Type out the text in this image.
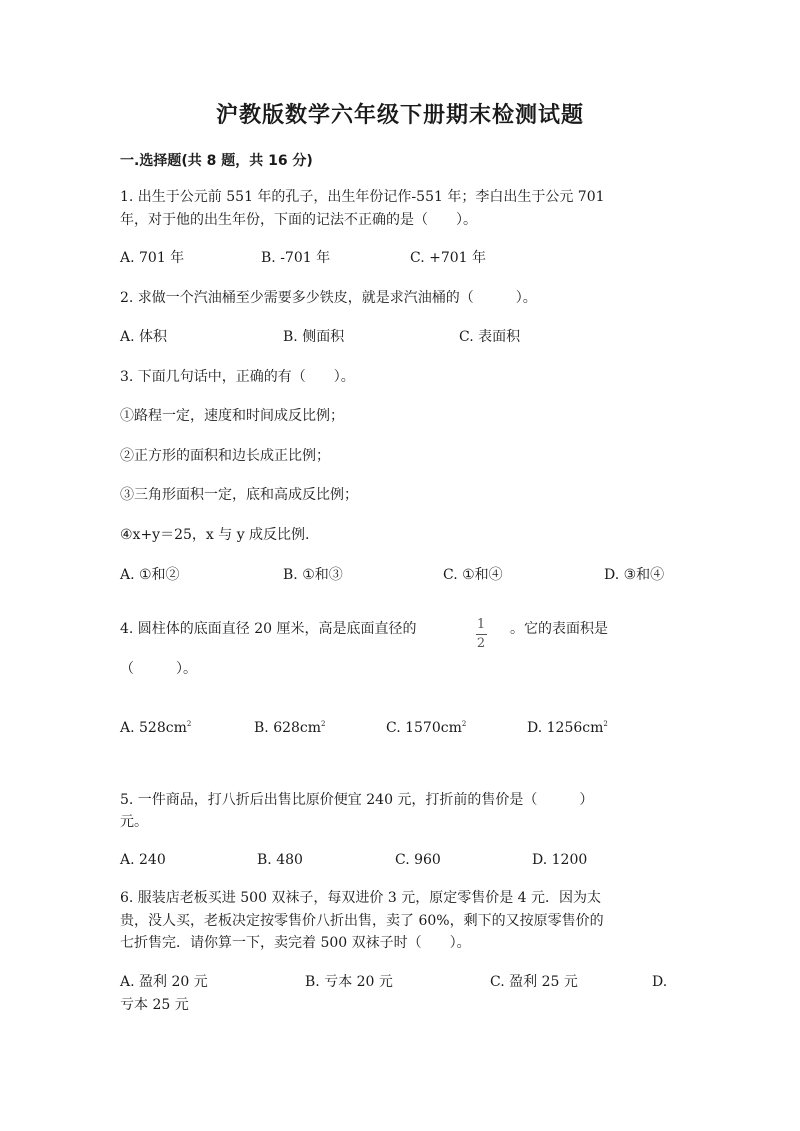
沪教版数学六年级下册期末检测试题
一.选择题(共 8 题，共 16 分)
1. 出生于公元前 551 年的孔子，出生年份记作-551 年；李白出生于公元 701
年，对于他的出生年份，下面的记法不正确的是（　　）。
A. 701 年	B. -701 年	C. +701 年
2. 求做一个汽油桶至少需要多少铁皮，就是求汽油桶的（　　　）。
A. 体积	B. 侧面积	C. 表面积
3. 下面几句话中，正确的有（　　）。
①路程一定，速度和时间成反比例；
②正方形的面积和边长成正比例；
③三角形面积一定，底和高成反比例；
④x+y＝25，x 与 y 成反比例.
A. ①和②	B. ①和③	C. ①和④	D. ③和④
4. 圆柱体的底面直径 20 厘米，高是底面直径的	1
2
。它的表面积是
（　　　）。
A. $528cm^2$	B. $628cm^2$	C. $1570cm^2$	D. $1256cm^2$
5. 一件商品，打八折后出售比原价便宜 240 元，打折前的售价是（　　　）
元。
A. 240	B. 480	C. 960	D. 1200
6. 服装店老板买进 500 双袜子，每双进价 3 元，原定零售价是 4 元．因为太
贵，没人买，老板决定按零售价八折出售，卖了 60%，剩下的又按原零售价的
七折售完．请你算一下，卖完着 500 双袜子时（　　）。
A. 盈利 20 元	B. 亏本 20 元	C. 盈利 25 元	D.
亏本 25 元
